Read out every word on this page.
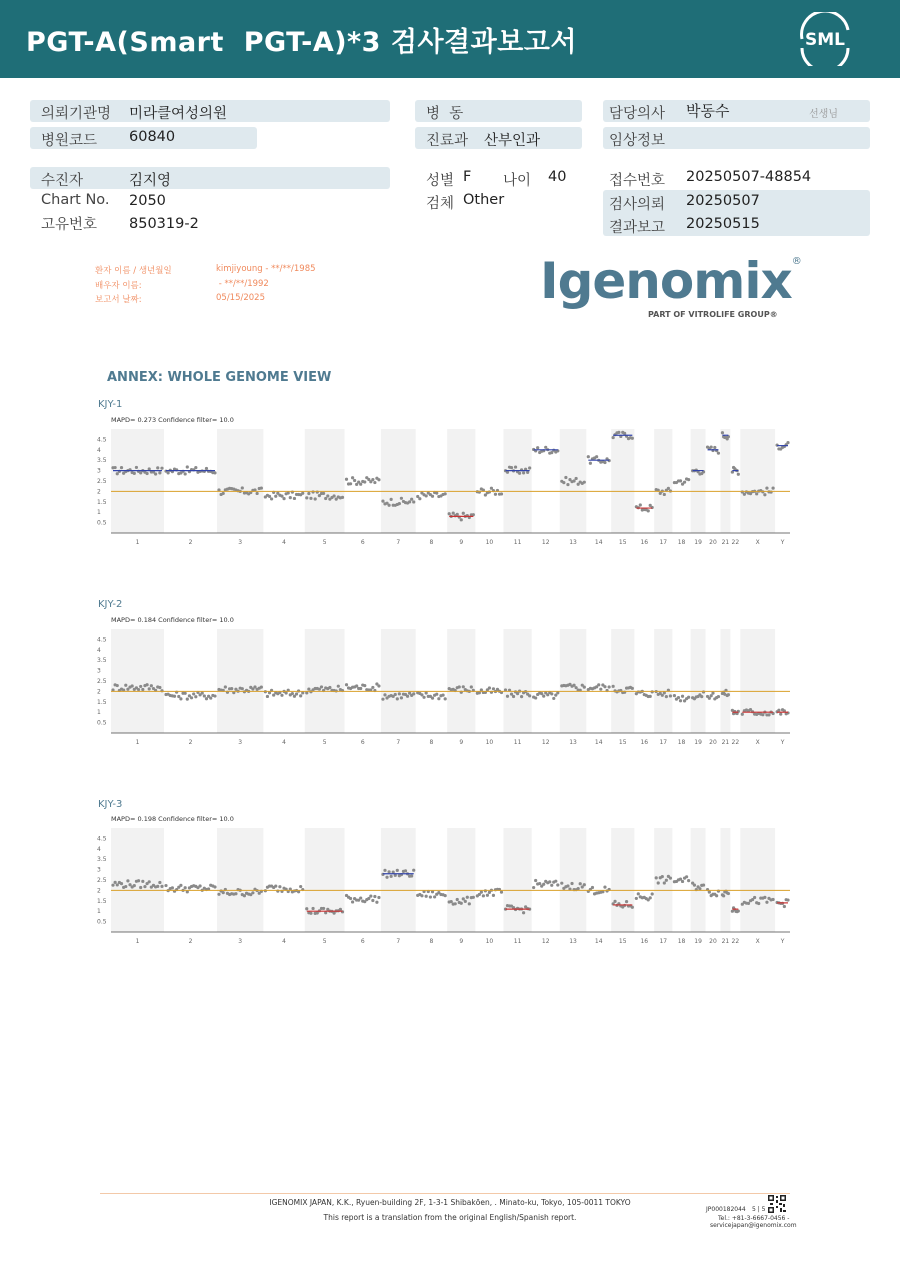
PGT-A(Smart  PGT-A)*3 검사결과보고서	SML
의뢰기관명 미라클여성의원
병원코드 60840
수진자	김지영
Chart No. 2050
고유번호 850319-2
병  동
진료과 산부인과
성별 F 나이 40
검체 Other
담당의사 박동수	선생님
임상정보
접수번호 20250507-48854
검사의뢰 20250507
결과보고 20250515
환자 이름 / 생년월일	kimjiyoung - **/**/1985
배우자 이름:	- **/**/1992
보고서 날짜:	05/15/2025	Igenomix®
PART OF VITROLIFE GROUP®
ANNEX: WHOLE GENOME VIEW
KJY-1
MAPD= 0.273 Confidence filter= 10.0
1	2	3	4	5	6	7	8	9	10	11	12	13	14	15 16 17 18 19 20 21 22	X	Y
4.5
4
3.5
3
2.5
2
1.5
1
0.5
KJY-2
MAPD= 0.184 Confidence filter= 10.0
1	2	3	4	5	6	7	8	9	10	11	12	13	14	15 16 17 18 19 20 21 22	X	Y
4.5
4
3.5
3
2.5
2
1.5
1
0.5
KJY-3
MAPD= 0.198 Confidence filter= 10.0
1	2	3	4	5	6	7	8	9	10	11	12	13	14	15 16 17 18 19 20 21 22	X	Y
4.5
4
3.5
3
2.5
2
1.5
1
0.5
IGENOMIX JAPAN, K.K., Ryuen-building 2F, 1-3-1 Shibakōen, . Minato-ku, Tokyo, 105-0011 TOKYO
This report is a translation from the original English/Spanish report.
JP000182044 5 | 5
Tel.: +81-3-6667-0456 -
servicejapan@igenomix.com
